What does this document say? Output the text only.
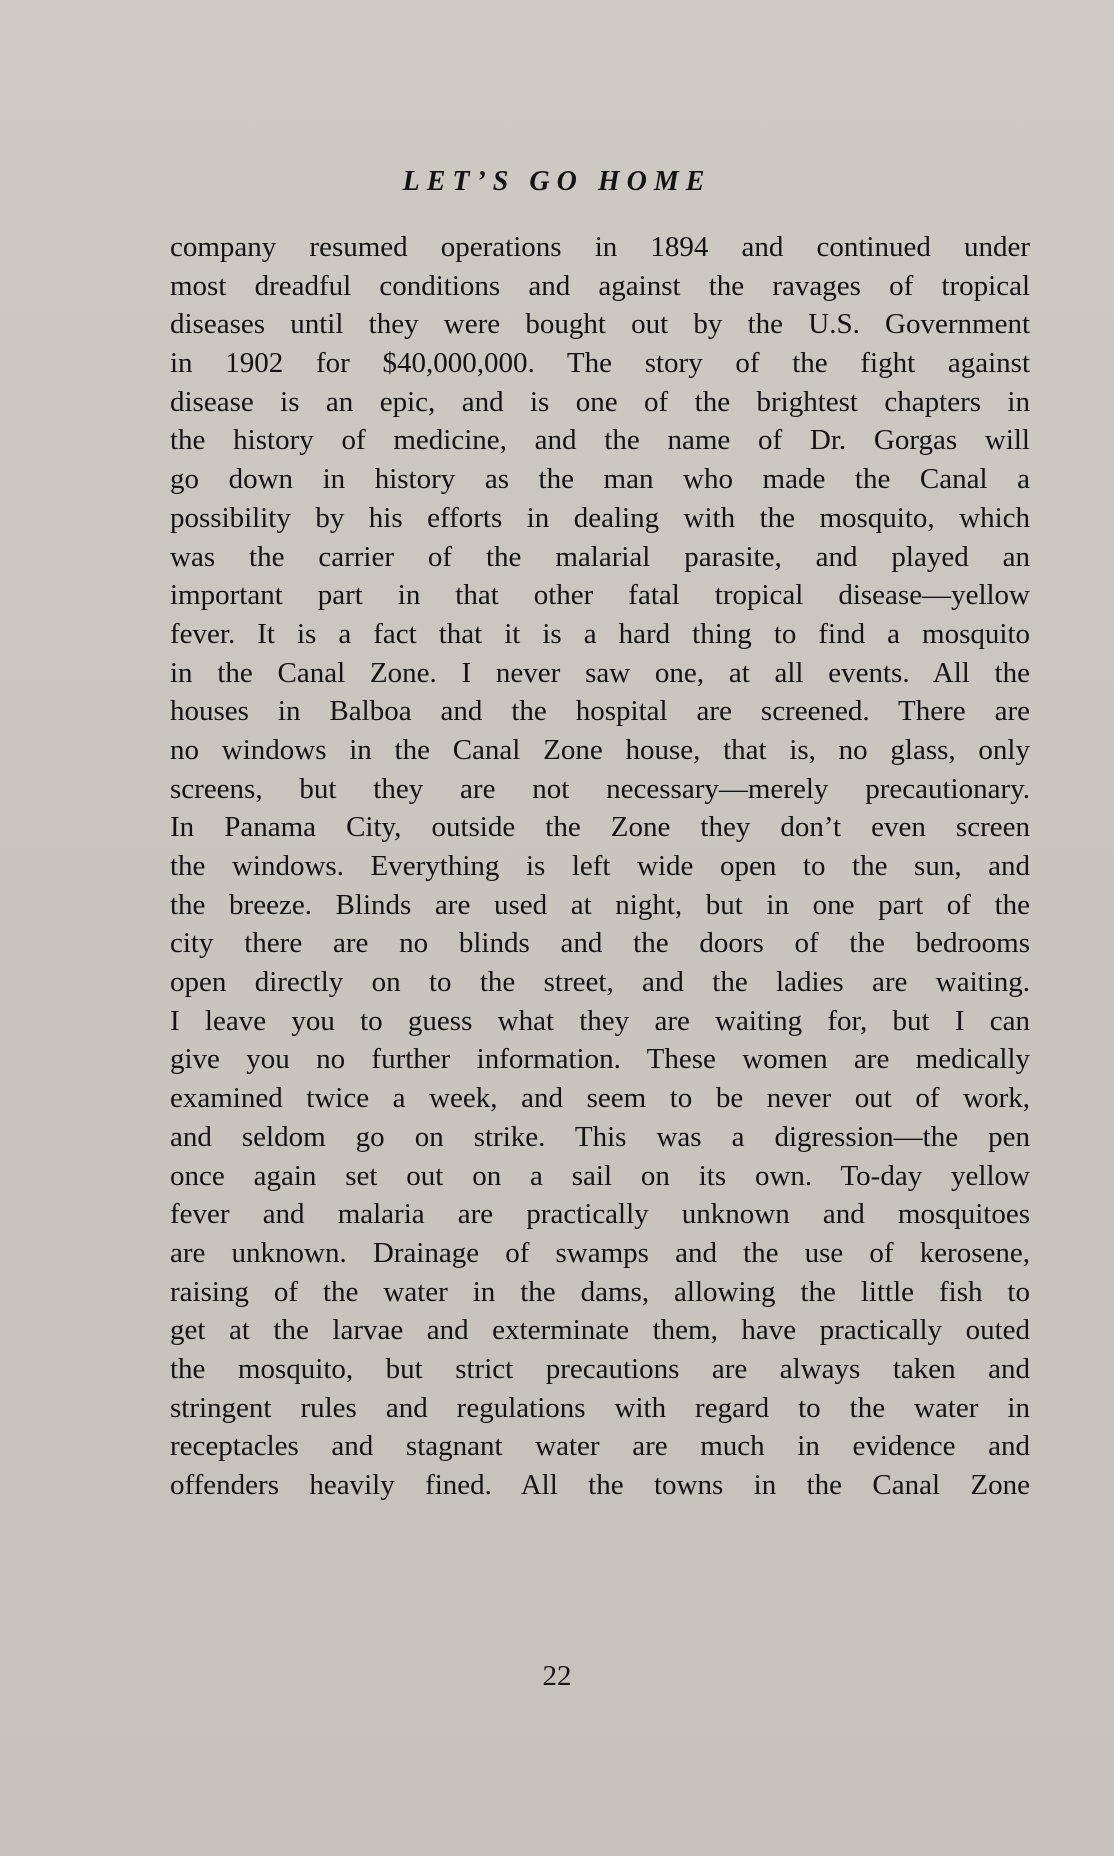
LET’S GO HOME
company resumed operations in 1894 and continued under
most dreadful conditions and against the ravages of tropical
diseases until they were bought out by the U.S. Government
in 1902 for $40,000,000. The story of the fight against
disease is an epic, and is one of the brightest chapters in
the history of medicine, and the name of Dr. Gorgas will
go down in history as the man who made the Canal a
possibility by his efforts in dealing with the mosquito, which
was the carrier of the malarial parasite, and played an
important part in that other fatal tropical disease—yellow
fever. It is a fact that it is a hard thing to find a mosquito
in the Canal Zone. I never saw one, at all events. All the
houses in Balboa and the hospital are screened. There are
no windows in the Canal Zone house, that is, no glass, only
screens, but they are not necessary—merely precautionary.
In Panama City, outside the Zone they don’t even screen
the windows. Everything is left wide open to the sun, and
the breeze. Blinds are used at night, but in one part of the
city there are no blinds and the doors of the bedrooms
open directly on to the street, and the ladies are waiting.
I leave you to guess what they are waiting for, but I can
give you no further information. These women are medically
examined twice a week, and seem to be never out of work,
and seldom go on strike. This was a digression—the pen
once again set out on a sail on its own. To-day yellow
fever and malaria are practically unknown and mosquitoes
are unknown. Drainage of swamps and the use of kerosene,
raising of the water in the dams, allowing the little fish to
get at the larvae and exterminate them, have practically outed
the mosquito, but strict precautions are always taken and
stringent rules and regulations with regard to the water in
receptacles and stagnant water are much in evidence and
offenders heavily fined. All the towns in the Canal Zone
22
